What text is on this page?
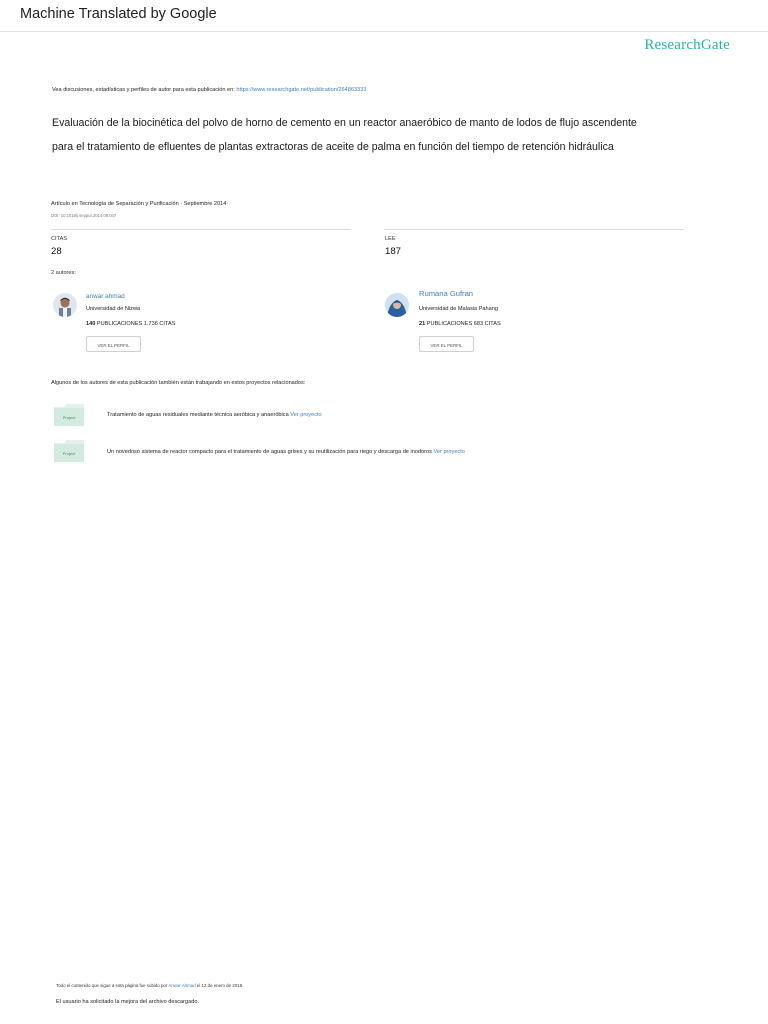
Machine Translated by Google
ResearchGate
Vea discusiones, estadísticas y perfiles de autor para esta publicación en: https://www.researchgate.net/publication/264863333
Evaluación de la biocinética del polvo de horno de cemento en un reactor anaeróbico de manto de lodos de flujo ascendente
para el tratamiento de efluentes de plantas extractoras de aceite de palma en función del tiempo de retención hidráulica
Artículo en Tecnología de Separación y Purificación · Septiembre 2014
DOI: 10.1016/j.seppur.2014.08.047
CITAS
28
LEE
187
2 autores:
anwar ahmad
Universidad de Nizwa
140 PUBLICACIONES 1.736 CITAS
VER EL PERFIL
Rumana Gufran
Universidad de Malasia Pahang
21 PUBLICACIONES 683 CITAS
VER EL PERFIL
Algunos de los autores de esta publicación también están trabajando en estos proyectos relacionados:
Project	Tratamiento de aguas residuales mediante técnica aeróbica y anaeróbica Ver proyecto
Project	Un novedoso sistema de reactor compacto para el tratamiento de aguas grises y su reutilización para riego y descarga de inodoros Ver proyecto
Todo el contenido que sigue a esta página fue subido por Anwar Ahmad el 12 de enero de 2018.
El usuario ha solicitado la mejora del archivo descargado.
